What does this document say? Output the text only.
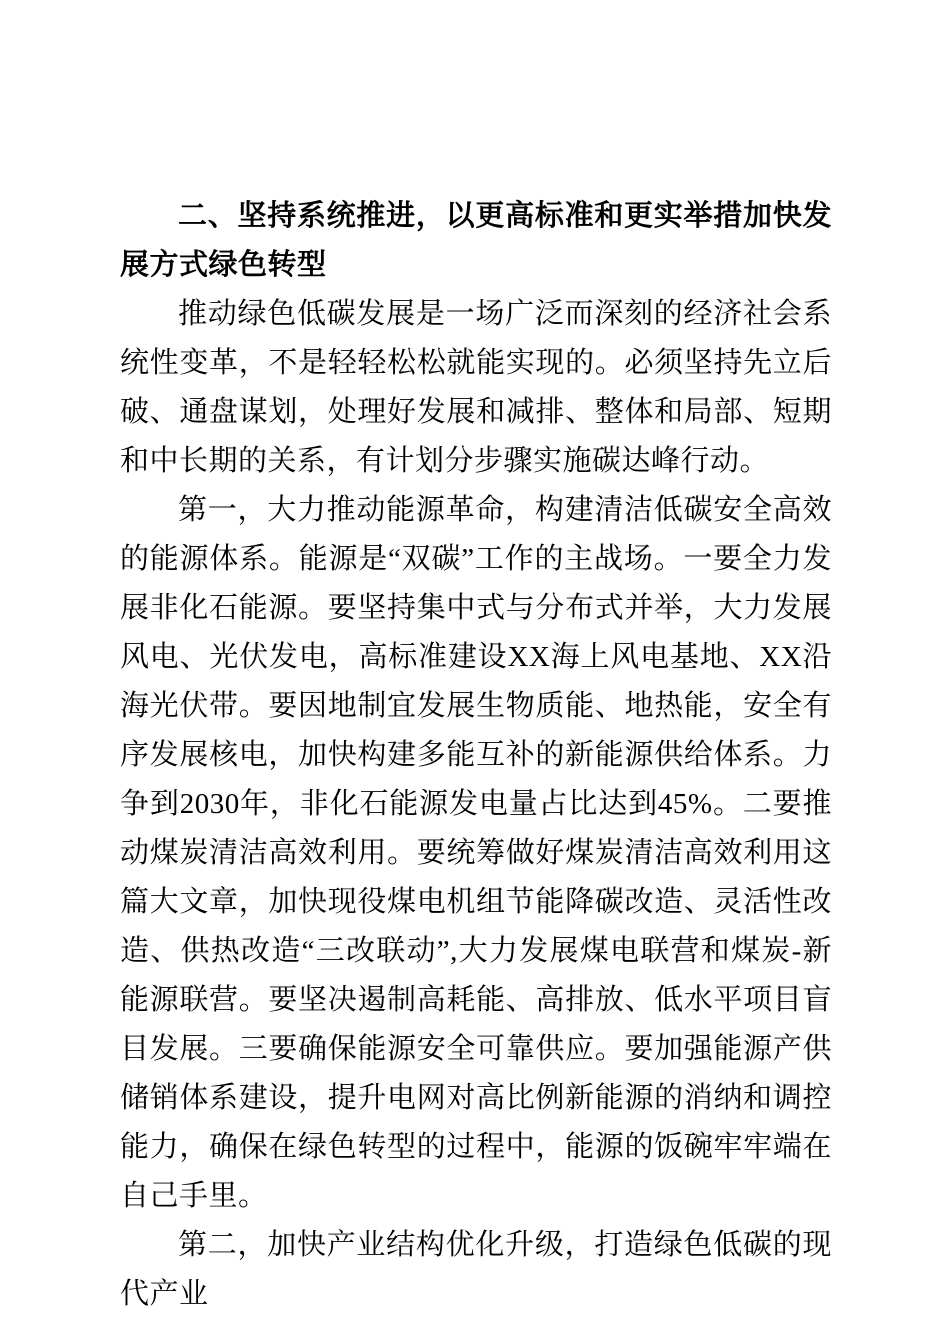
二、坚持系统推进，以更高标准和更实举措加快发展方式绿色转型

推动绿色低碳发展是一场广泛而深刻的经济社会系统性变革，不是轻轻松松就能实现的。必须坚持先立后破、通盘谋划，处理好发展和减排、整体和局部、短期和中长期的关系，有计划分步骤实施碳达峰行动。

第一，大力推动能源革命，构建清洁低碳安全高效的能源体系。能源是“双碳”工作的主战场。一要全力发展非化石能源。要坚持集中式与分布式并举，大力发展风电、光伏发电，高标准建设XX海上风电基地、XX沿海光伏带。要因地制宜发展生物质能、地热能，安全有序发展核电，加快构建多能互补的新能源供给体系。力争到2030年，非化石能源发电量占比达到45%。二要推动煤炭清洁高效利用。要统筹做好煤炭清洁高效利用这篇大文章，加快现役煤电机组节能降碳改造、灵活性改造、供热改造“三改联动”,大力发展煤电联营和煤炭-新能源联营。要坚决遏制高耗能、高排放、低水平项目盲目发展。三要确保能源安全可靠供应。要加强能源产供储销体系建设，提升电网对高比例新能源的消纳和调控能力，确保在绿色转型的过程中，能源的饭碗牢牢端在自己手里。

第二，加快产业结构优化升级，打造绿色低碳的现代产业
